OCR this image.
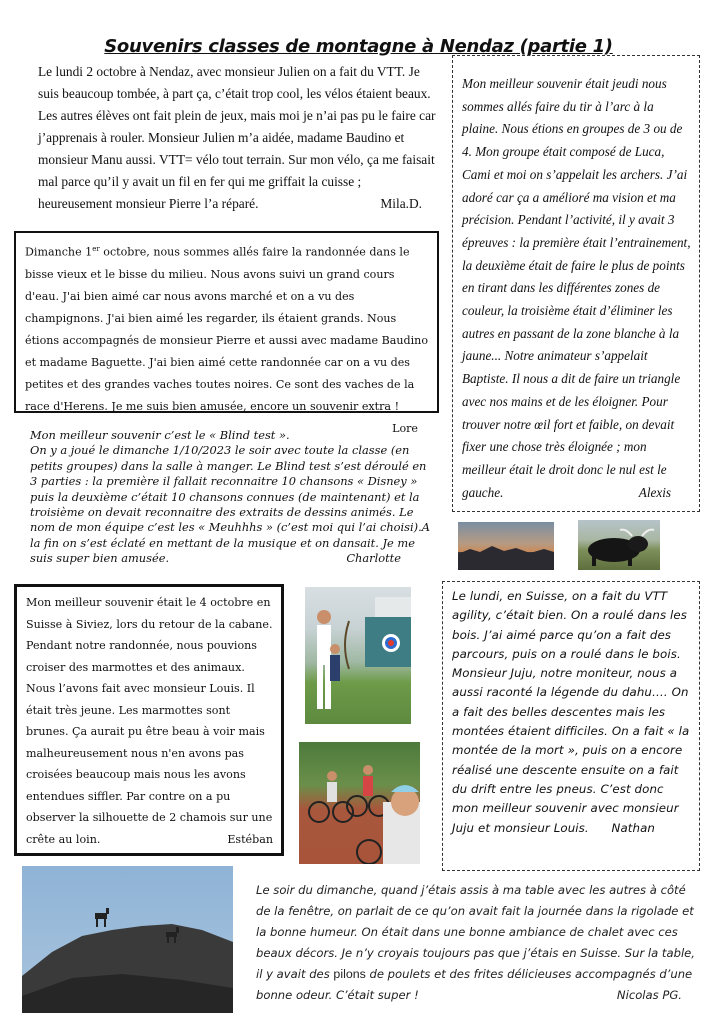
Souvenirs classes de montagne à Nendaz (partie 1)

Le lundi 2 octobre à Nendaz, avec monsieur Julien on a fait du VTT. Je suis beaucoup tombée, à part ça, c’était trop cool, les vélos étaient beaux. Les autres élèves ont fait plein de jeux, mais moi je n’ai pas pu le faire car j’apprenais à rouler. Monsieur Julien m’a aidée, madame Baudino et monsieur Manu aussi. VTT= vélo tout terrain. Sur mon vélo, ça me faisait mal parce qu’il y avait un fil en fer qui me griffait la cuisse ; heureusement monsieur Pierre l’a réparé.	Mila.D.

Dimanche 1er octobre, nous sommes allés faire la randonnée dans le bisse vieux et le bisse du milieu. Nous avons suivi un grand cours d'eau. J'ai bien aimé car nous avons marché et on a vu des champignons. J'ai bien aimé les regarder, ils étaient grands. Nous étions accompagnés de monsieur Pierre et aussi avec madame Baudino et madame Baguette. J'ai bien aimé cette randonnée car on a vu des petites et des grandes vaches toutes noires. Ce sont des vaches de la race d'Herens. Je me suis bien amusée, encore un souvenir extra !
Lore

Mon meilleur souvenir était jeudi nous sommes allés faire du tir à l’arc à la plaine. Nous étions en groupes de 3 ou de 4. Mon groupe était composé de Luca, Cami et moi on s’appelait les archers. J’ai adoré car ça a amélioré ma vision et ma précision. Pendant l’activité, il y avait 3 épreuves : la première était l’entrainement, la deuxième était de faire le plus de points en tirant dans les différentes zones de couleur, la troisième était d’éliminer les autres en passant de la zone blanche à la jaune... Notre animateur s’appelait Baptiste. Il nous a dit de faire un triangle avec nos mains et de les éloigner. Pour trouver notre œil fort et faible, on devait fixer une chose très éloignée ; mon meilleur était le droit donc le nul est le gauche.	Alexis

Mon meilleur souvenir c’est le « Blind test ».

On y a joué le dimanche 1/10/2023 le soir avec toute la classe (en petits groupes) dans la salle à manger. Le Blind test s’est déroulé en 3 parties : la première il fallait reconnaitre 10 chansons « Disney » puis la deuxième c’était 10 chansons connues (de maintenant) et la troisième on devait reconnaitre des extraits de dessins animés. Le nom de mon équipe c’est les « Meuhhhs » (c’est moi qui l’ai choisi).A la fin on s’est éclaté en mettant de la musique et on dansait. Je me suis super bien amusée.	Charlotte

Mon meilleur souvenir était le 4 octobre en Suisse à Siviez, lors du retour de la cabane. Pendant notre randonnée, nous pouvions croiser des marmottes et des animaux. Nous l’avons fait avec monsieur Louis. Il était très jeune. Les marmottes sont brunes. Ça aurait pu être beau à voir mais malheureusement nous n'en avons pas croisées beaucoup mais nous les avons entendues siffler. Par contre on a pu observer la silhouette de 2 chamois sur une crête au loin.	Estéban

Le lundi, en Suisse, on a fait du VTT agility, c’était bien. On a roulé dans les bois. J’ai aimé parce qu’on a fait des parcours, puis on a roulé dans le bois. Monsieur Juju, notre moniteur, nous a aussi raconté la légende du dahu…. On a fait des belles descentes mais les montées étaient difficiles. On a fait « la montée de la mort », puis on a encore réalisé une descente ensuite on a fait du drift entre les pneus. C’est donc mon meilleur souvenir avec monsieur Juju et monsieur Louis. Nathan

Le soir du dimanche, quand j’étais assis à ma table avec les autres à côté de la fenêtre, on parlait de ce qu’on avait fait la journée dans la rigolade et la bonne humeur. On était dans une bonne ambiance de chalet avec ces beaux décors. Je n’y croyais toujours pas que j’étais en Suisse. Sur la table, il y avait des pilons de poulets et des frites délicieuses accompagnés d’une bonne odeur. C’était super !	Nicolas PG.
